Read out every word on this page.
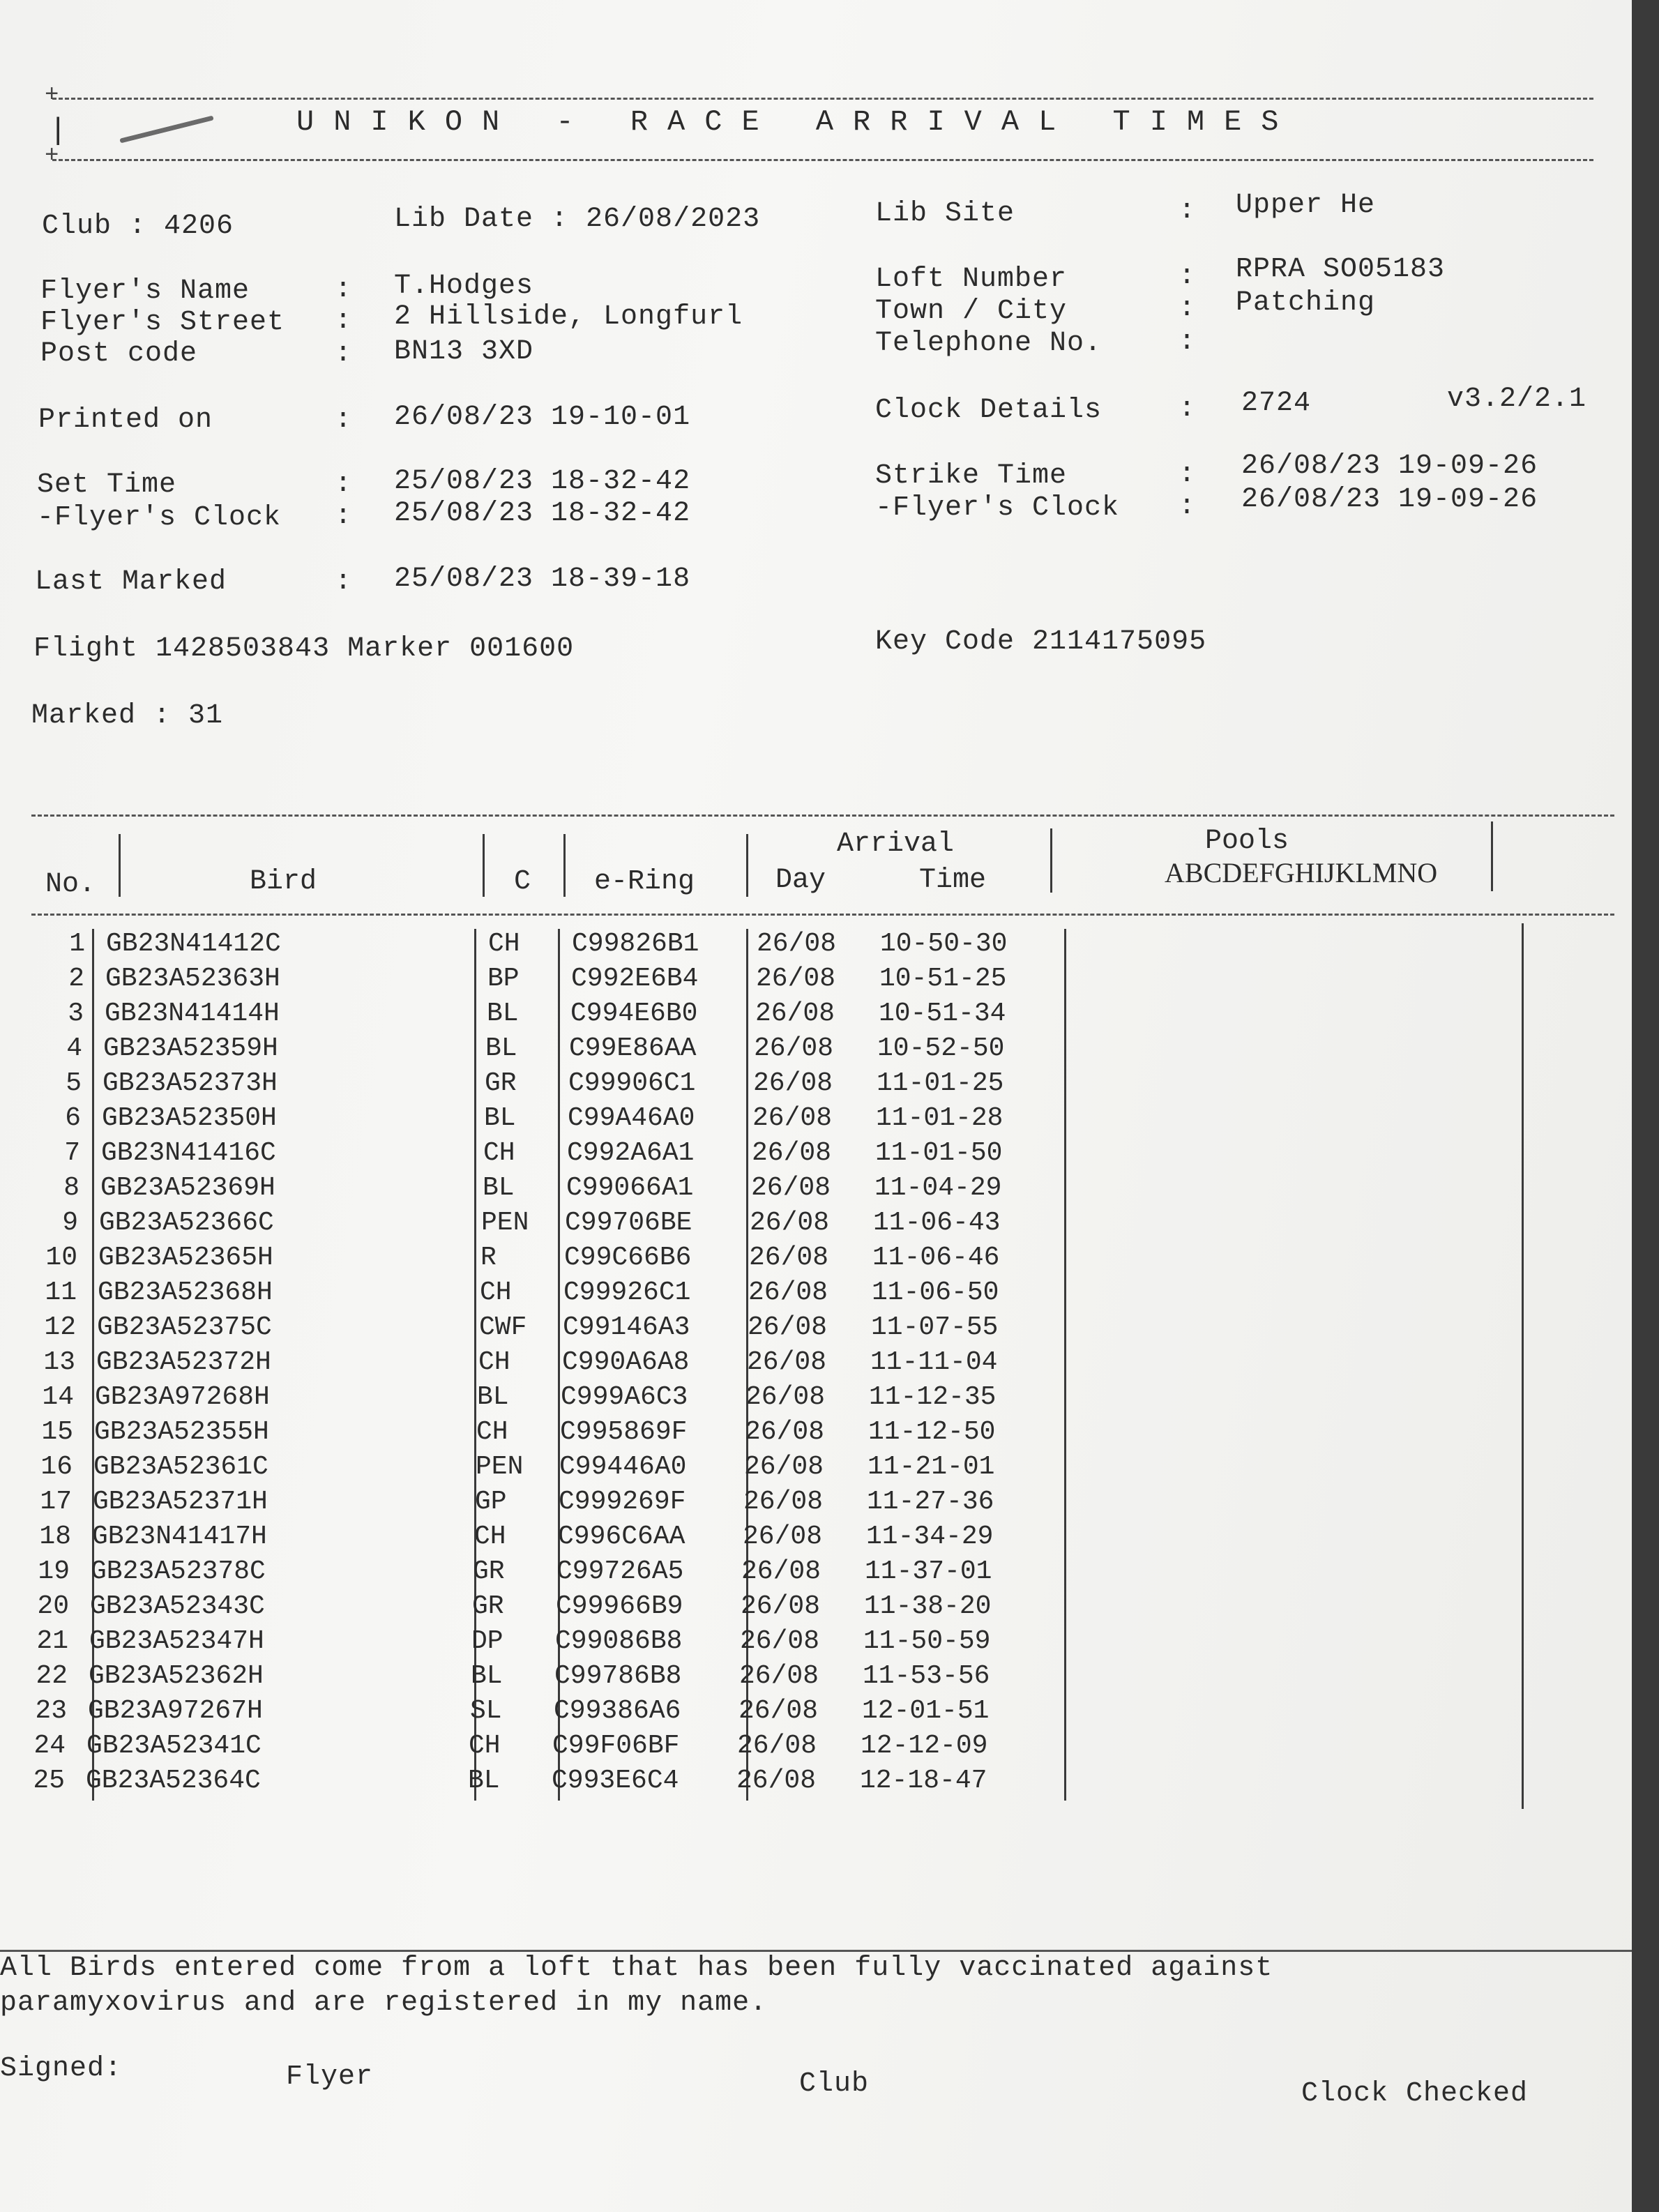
+
|	UNIKON - RACE ARRIVAL TIMES
+
Club : 4206	Lib Date : 26/08/2023	Lib Site	: Upper He
Flyer's Name	: T.Hodges
Flyer's Street : 2 Hillside, Longfurl
Post code	: BN13 3XD
Loft Number	: RPRA SO05183
Town / City	: Patching
Telephone No.	:
Printed on	: 26/08/23 19-10-01	Clock Details	: 2724	v3.2/2.1
Set Time	: 25/08/23 18-32-42
-Flyer's Clock : 25/08/23 18-32-42
Strike Time	: 26/08/23 19-09-26
-Flyer's Clock : 26/08/23 19-09-26
Last Marked	: 25/08/23 18-39-18
Flight 1428503843 Marker 001600	Key Code 2114175095
Marked : 31
No.	Bird	C e-Ring
Arrival
Day	Time
Pools
ABCDEFGHIJKLMNO
1 GB23N41412C	CH C99826B1 26/08 10-50-30
2 GB23A52363H	BP C992E6B4 26/08 10-51-25
3 GB23N41414H	BL C994E6B0 26/08 10-51-34
4 GB23A52359H	BL C99E86AA 26/08 10-52-50
5 GB23A52373H	GR C99906C1 26/08 11-01-25
6 GB23A52350H	BL C99A46A0 26/08 11-01-28
7 GB23N41416C	CH C992A6A1 26/08 11-01-50
8 GB23A52369H	BL C99066A1 26/08 11-04-29
9 GB23A52366C	PEN C99706BE 26/08 11-06-43
10 GB23A52365H	R	C99C66B6 26/08 11-06-46
11 GB23A52368H	CH C99926C1 26/08 11-06-50
12 GB23A52375C	CWF C99146A3 26/08 11-07-55
13 GB23A52372H	CH C990A6A8 26/08 11-11-04
14 GB23A97268H	BL C999A6C3 26/08 11-12-35
15 GB23A52355H	CH C995869F 26/08 11-12-50
16 GB23A52361C	PEN C99446A0 26/08 11-21-01
17 GB23A52371H	GP C999269F 26/08 11-27-36
18 GB23N41417H	CH C996C6AA 26/08 11-34-29
19 GB23A52378C	GR C99726A5 26/08 11-37-01
20 GB23A52343C	GR C99966B9 26/08 11-38-20
21 GB23A52347H	DP C99086B8 26/08 11-50-59
22 GB23A52362H	BL C99786B8 26/08 11-53-56
23 GB23A97267H	SL C99386A6 26/08 12-01-51
24 GB23A52341C	CH C99F06BF 26/08 12-12-09
25 GB23A52364C	BL C993E6C4 26/08 12-18-47
All Birds entered come from a loft that has been fully vaccinated against
paramyxovirus and are registered in my name.
Signed:	Flyer	Club	Clock Checked
